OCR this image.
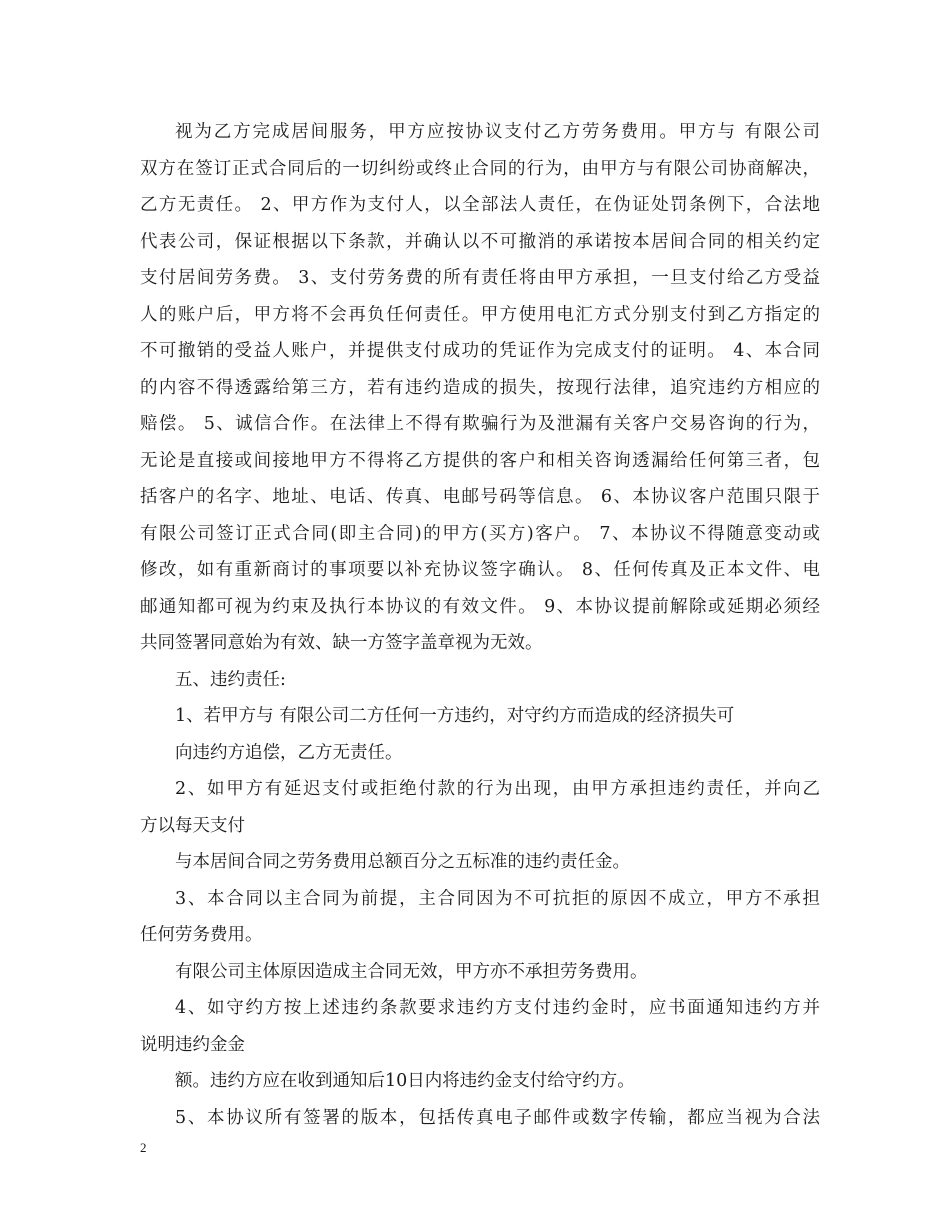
视为乙方完成居间服务，甲方应按协议支付乙方劳务费用。甲方与 有限公司
双方在签订正式合同后的一切纠纷或终止合同的行为，由甲方与有限公司协商解决，
乙方无责任。 2、甲方作为支付人，以全部法人责任，在伪证处罚条例下，合法地
代表公司，保证根据以下条款，并确认以不可撤消的承诺按本居间合同的相关约定
支付居间劳务费。 3、支付劳务费的所有责任将由甲方承担，一旦支付给乙方受益
人的账户后，甲方将不会再负任何责任。甲方使用电汇方式分别支付到乙方指定的
不可撤销的受益人账户，并提供支付成功的凭证作为完成支付的证明。 4、本合同
的内容不得透露给第三方，若有违约造成的损失，按现行法律，追究违约方相应的
赔偿。 5、诚信合作。在法律上不得有欺骗行为及泄漏有关客户交易咨询的行为，
无论是直接或间接地甲方不得将乙方提供的客户和相关咨询透漏给任何第三者，包
括客户的名字、地址、电话、传真、电邮号码等信息。 6、本协议客户范围只限于
有限公司签订正式合同(即主合同)的甲方(买方)客户。 7、本协议不得随意变动或
修改，如有重新商讨的事项要以补充协议签字确认。 8、任何传真及正本文件、电
邮通知都可视为约束及执行本协议的有效文件。 9、本协议提前解除或延期必须经
共同签署同意始为有效、缺一方签字盖章视为无效。
五、违约责任:
1、若甲方与 有限公司二方任何一方违约，对守约方而造成的经济损失可
向违约方追偿，乙方无责任。
2、如甲方有延迟支付或拒绝付款的行为出现，由甲方承担违约责任，并向乙
方以每天支付
与本居间合同之劳务费用总额百分之五标准的违约责任金。
3、本合同以主合同为前提，主合同因为不可抗拒的原因不成立，甲方不承担
任何劳务费用。
有限公司主体原因造成主合同无效，甲方亦不承担劳务费用。
4、如守约方按上述违约条款要求违约方支付违约金时，应书面通知违约方并
说明违约金金
额。违约方应在收到通知后10日内将违约金支付给守约方。
5、本协议所有签署的版本，包括传真电子邮件或数字传输，都应当视为合法
2
